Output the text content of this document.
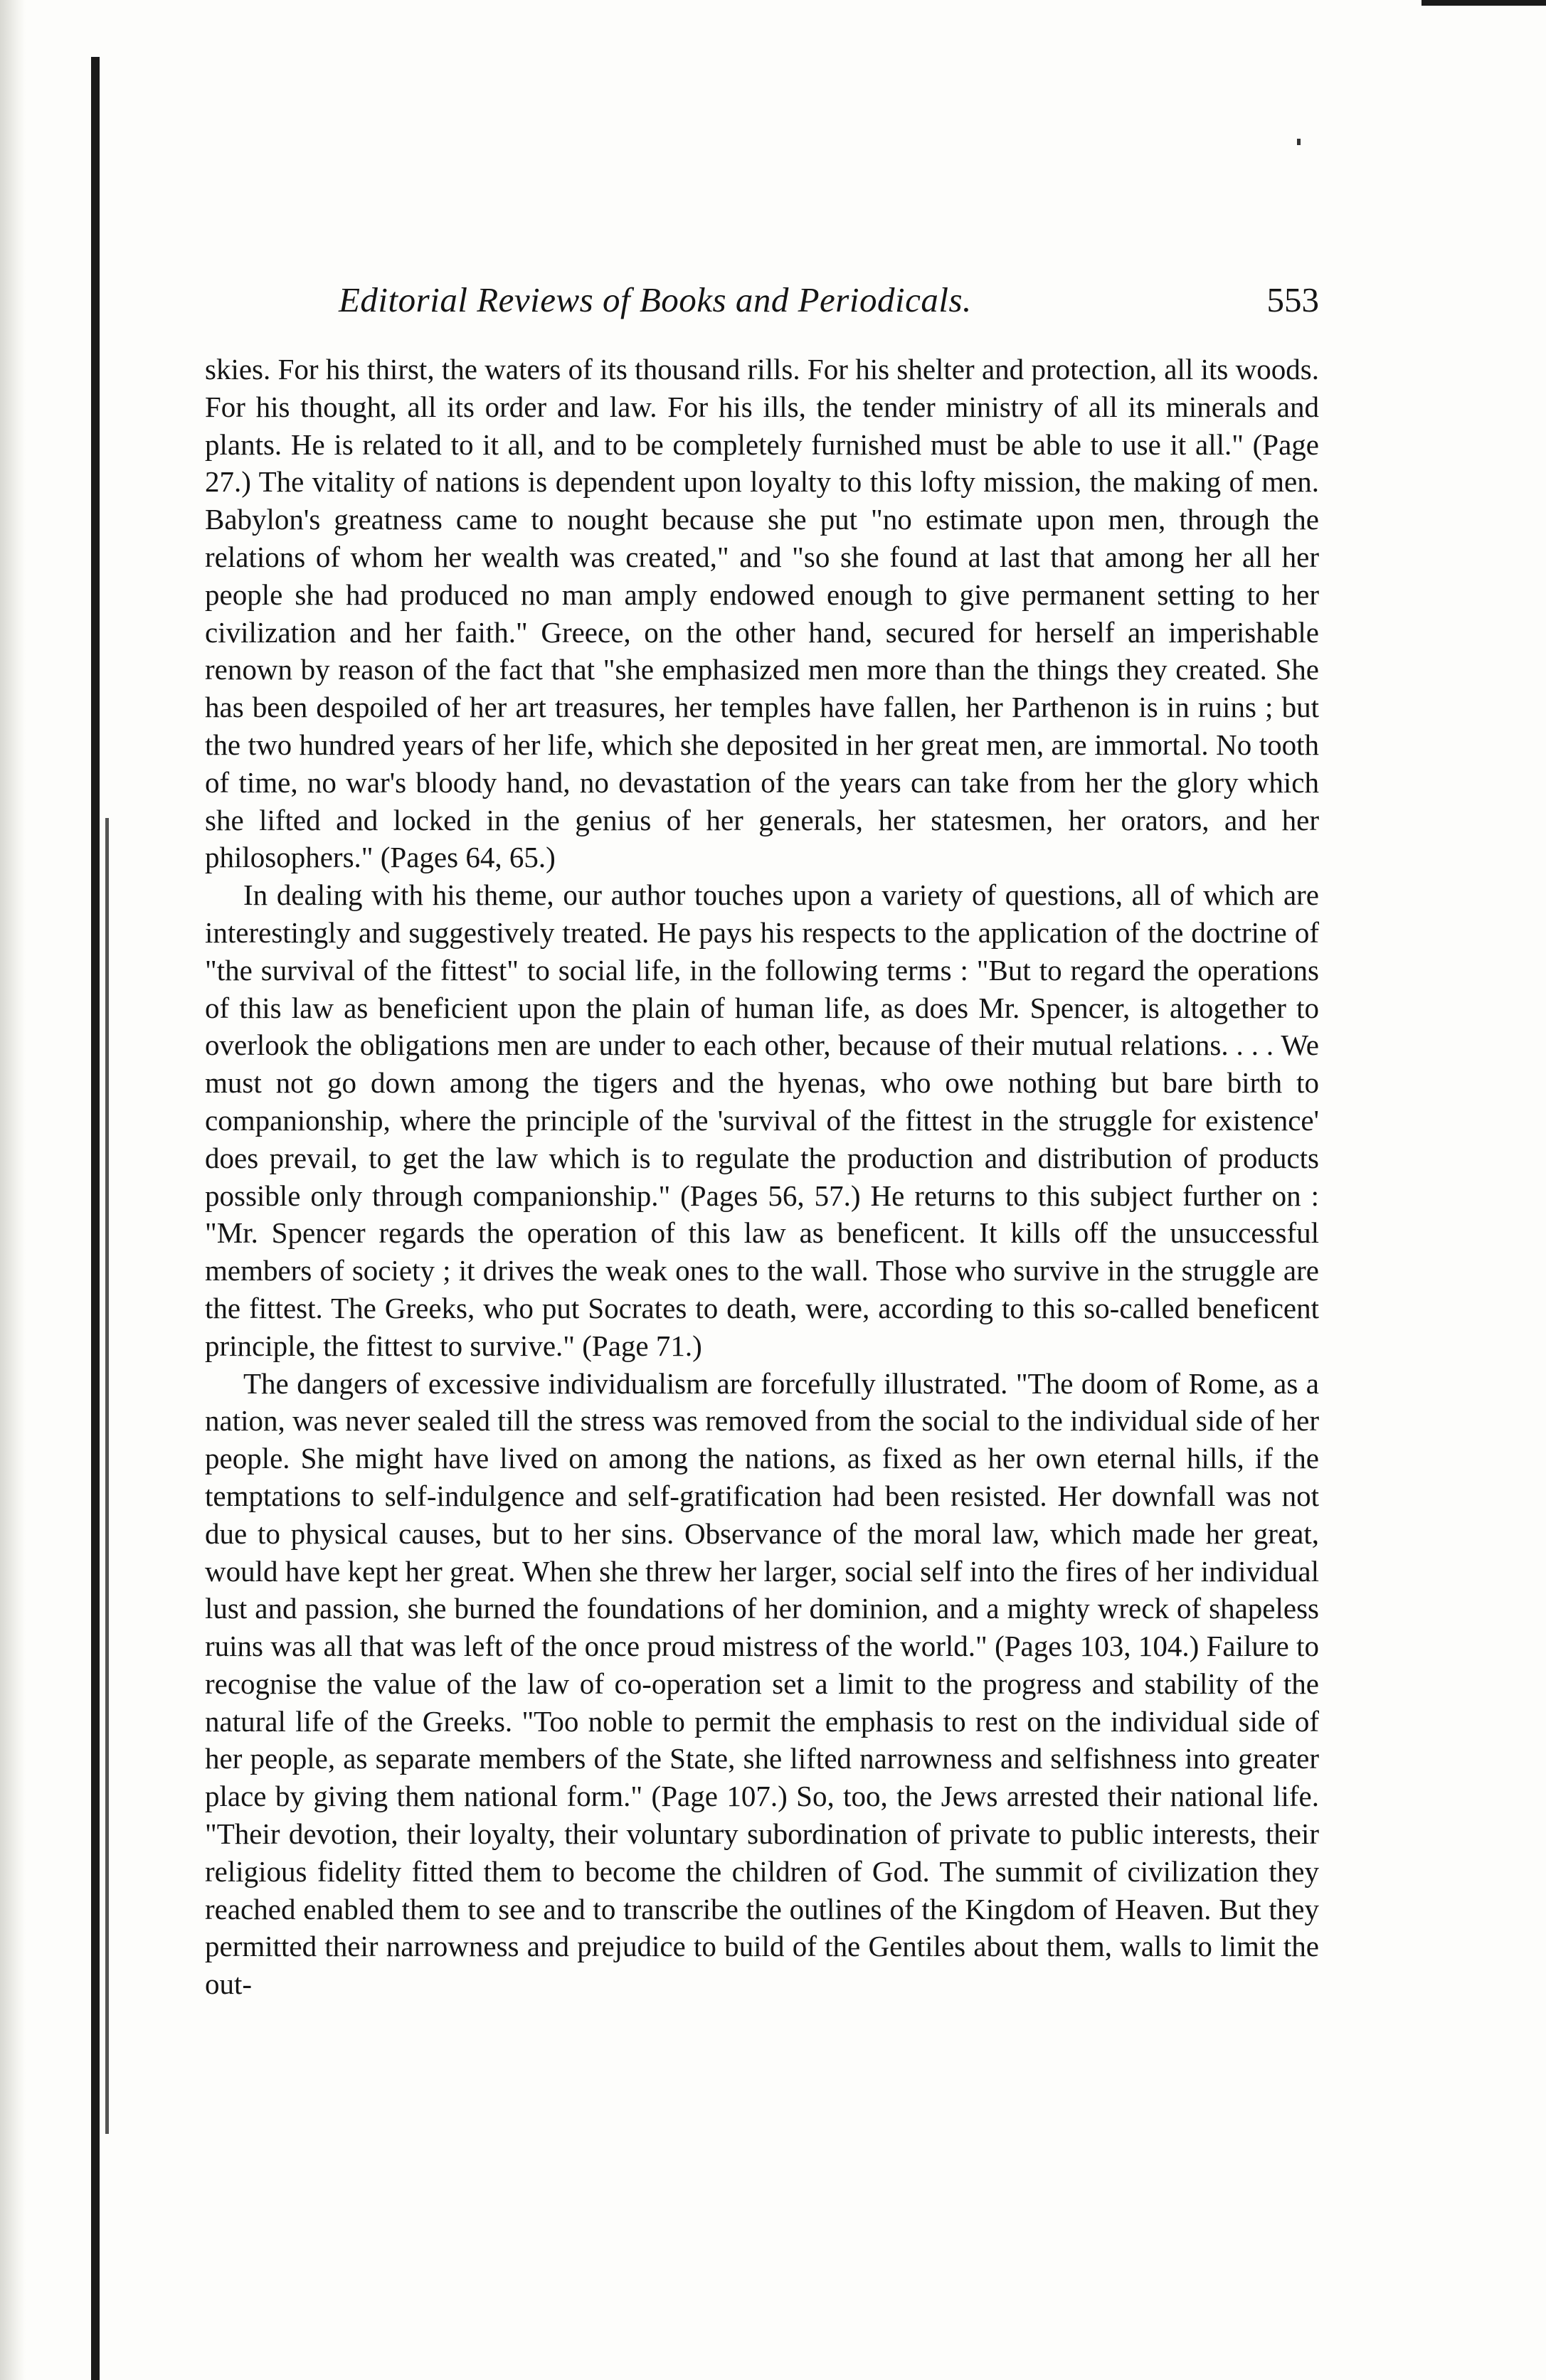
Editorial Reviews of Books and Periodicals.	553

skies. For his thirst, the waters of its thousand rills. For his shelter and protection, all its woods. For his thought, all its order and law. For his ills, the tender ministry of all its minerals and plants. He is related to it all, and to be completely furnished must be able to use it all." (Page 27.) The vitality of nations is dependent upon loyalty to this lofty mission, the making of men. Babylon's greatness came to nought because she put "no estimate upon men, through the relations of whom her wealth was created," and "so she found at last that among her all her people she had produced no man amply endowed enough to give permanent setting to her civilization and her faith." Greece, on the other hand, secured for herself an imperishable renown by reason of the fact that "she emphasized men more than the things they created. She has been despoiled of her art treasures, her temples have fallen, her Parthenon is in ruins ; but the two hundred years of her life, which she deposited in her great men, are immortal. No tooth of time, no war's bloody hand, no devastation of the years can take from her the glory which she lifted and locked in the genius of her generals, her statesmen, her orators, and her philosophers." (Pages 64, 65.)

In dealing with his theme, our author touches upon a variety of questions, all of which are interestingly and suggestively treated. He pays his respects to the application of the doctrine of "the survival of the fittest" to social life, in the following terms : "But to regard the operations of this law as beneficient upon the plain of human life, as does Mr. Spencer, is altogether to overlook the obligations men are under to each other, because of their mutual relations. . . . We must not go down among the tigers and the hyenas, who owe nothing but bare birth to companionship, where the principle of the 'survival of the fittest in the struggle for existence' does prevail, to get the law which is to regulate the production and distribution of products possible only through companionship." (Pages 56, 57.) He returns to this subject further on : "Mr. Spencer regards the operation of this law as beneficent. It kills off the unsuccessful members of society ; it drives the weak ones to the wall. Those who survive in the struggle are the fittest. The Greeks, who put Socrates to death, were, according to this so-called beneficent principle, the fittest to survive." (Page 71.)

The dangers of excessive individualism are forcefully illustrated. "The doom of Rome, as a nation, was never sealed till the stress was removed from the social to the individual side of her people. She might have lived on among the nations, as fixed as her own eternal hills, if the temptations to self-indulgence and self-gratification had been resisted. Her downfall was not due to physical causes, but to her sins. Observance of the moral law, which made her great, would have kept her great. When she threw her larger, social self into the fires of her individual lust and passion, she burned the foundations of her dominion, and a mighty wreck of shapeless ruins was all that was left of the once proud mistress of the world." (Pages 103, 104.) Failure to recognise the value of the law of co-operation set a limit to the progress and stability of the natural life of the Greeks. "Too noble to permit the emphasis to rest on the individual side of her people, as separate members of the State, she lifted narrowness and selfishness into greater place by giving them national form." (Page 107.) So, too, the Jews arrested their national life. "Their devotion, their loyalty, their voluntary subordination of private to public interests, their religious fidelity fitted them to become the children of God. The summit of civilization they reached enabled them to see and to transcribe the outlines of the Kingdom of Heaven. But they permitted their narrowness and prejudice to build of the Gentiles about them, walls to limit the out-
